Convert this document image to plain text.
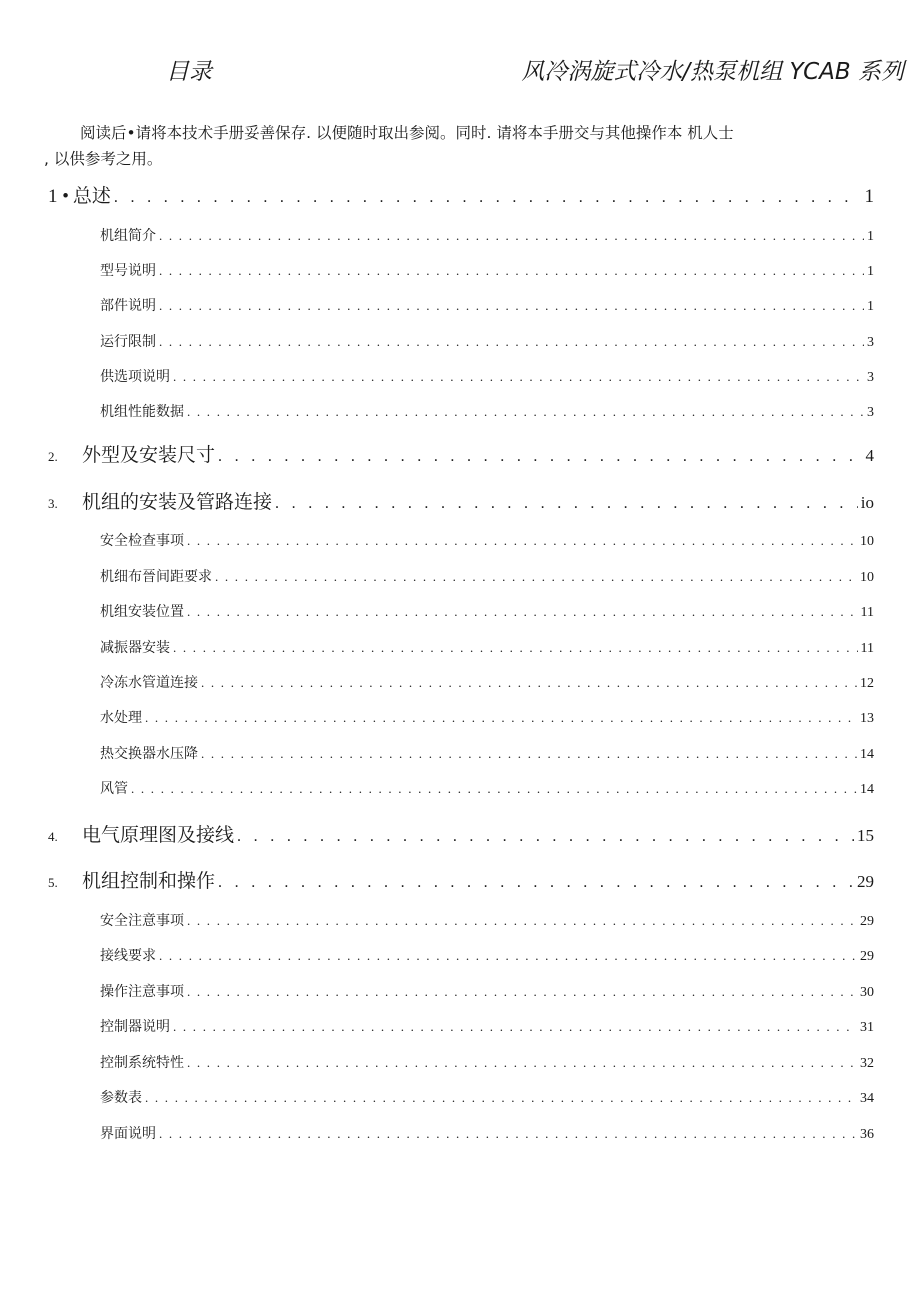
目录	风冷涡旋式冷水/热泵机组 YCAB 系列
阅读后•请将本技术手册妥善保存. 以便随时取出参阅。同时. 请将本手册交与其他操作本 机人士
, 以供参考之用。
1 • 总述 . . .	1
机组简介 . . .	1
型号说明 . . .	1
部件说明 . . .	1
运行限制 . . .	3
供选项说明 . . .	3
机组性能数据 . . .	3
2.	外型及安装尺寸 . . .	4
3.	机组的安装及管路连接 . . .	io
安全检查事项 . . .	10
机细布晉间距要求 . . .	10
机组安装位置 . . .	11
减振器安装 . . .	11
冷冻水管道连接 . . .	12
水处理 . . .	13
热交换器水压降 . . .	14
风管 . . .	14
4.	电气原理图及接线 . . .	15
5.	机组控制和操作 . . .	29
安全注意事项 . . .	29
接线要求 . . .	29
操作注意事项 . . .	30
控制器说明 . . .	31
控制系统特性 . . .	32
参数表 . . .	34
界面说明 . . .	36
